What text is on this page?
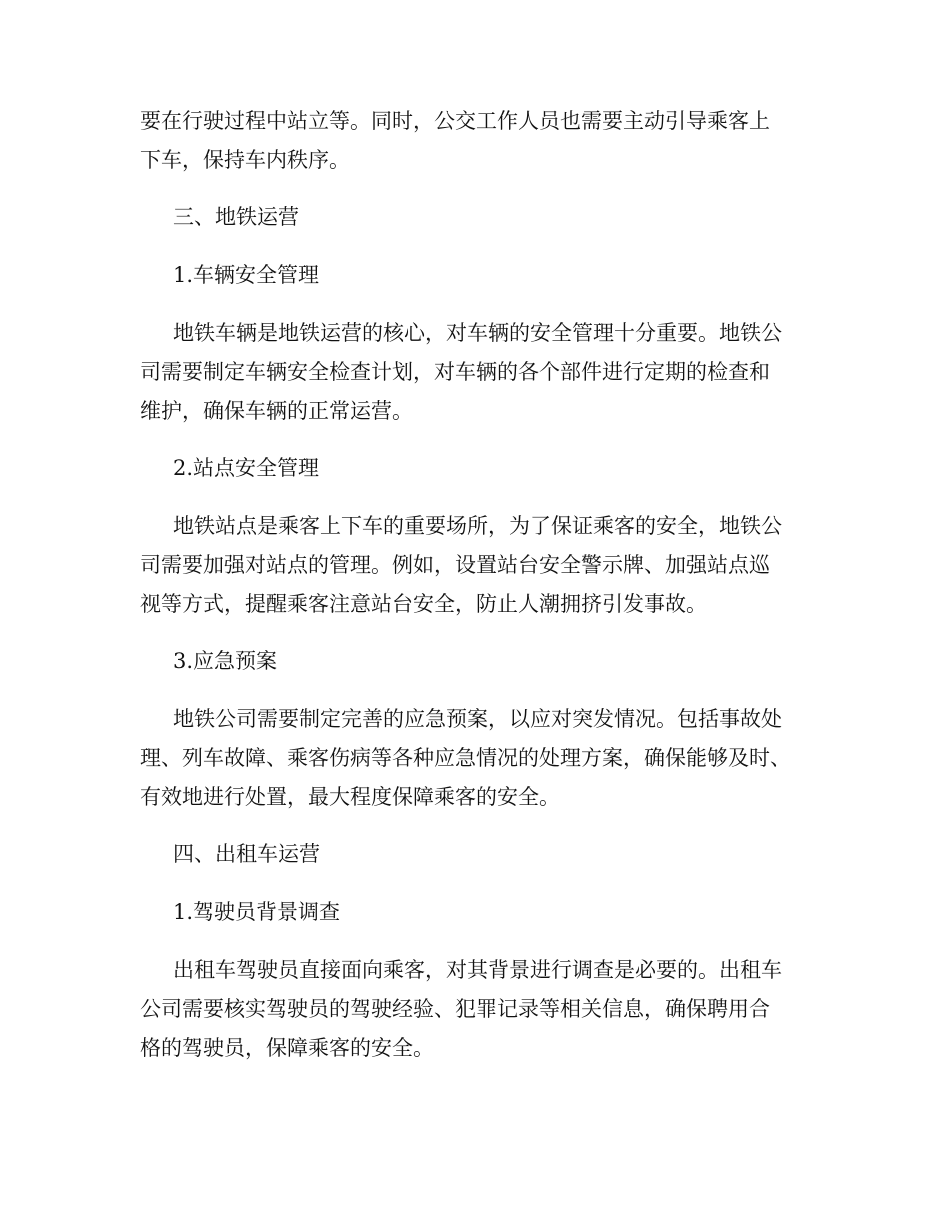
要在行驶过程中站立等。同时，公交工作人员也需要主动引导乘客上
下车，保持车内秩序。

三、地铁运营

1.车辆安全管理

地铁车辆是地铁运营的核心，对车辆的安全管理十分重要。地铁公
司需要制定车辆安全检查计划，对车辆的各个部件进行定期的检查和
维护，确保车辆的正常运营。

2.站点安全管理

地铁站点是乘客上下车的重要场所，为了保证乘客的安全，地铁公
司需要加强对站点的管理。例如，设置站台安全警示牌、加强站点巡
视等方式，提醒乘客注意站台安全，防止人潮拥挤引发事故。

3.应急预案

地铁公司需要制定完善的应急预案，以应对突发情况。包括事故处
理、列车故障、乘客伤病等各种应急情况的处理方案，确保能够及时、
有效地进行处置，最大程度保障乘客的安全。

四、出租车运营

1.驾驶员背景调查

出租车驾驶员直接面向乘客，对其背景进行调查是必要的。出租车
公司需要核实驾驶员的驾驶经验、犯罪记录等相关信息，确保聘用合
格的驾驶员，保障乘客的安全。
